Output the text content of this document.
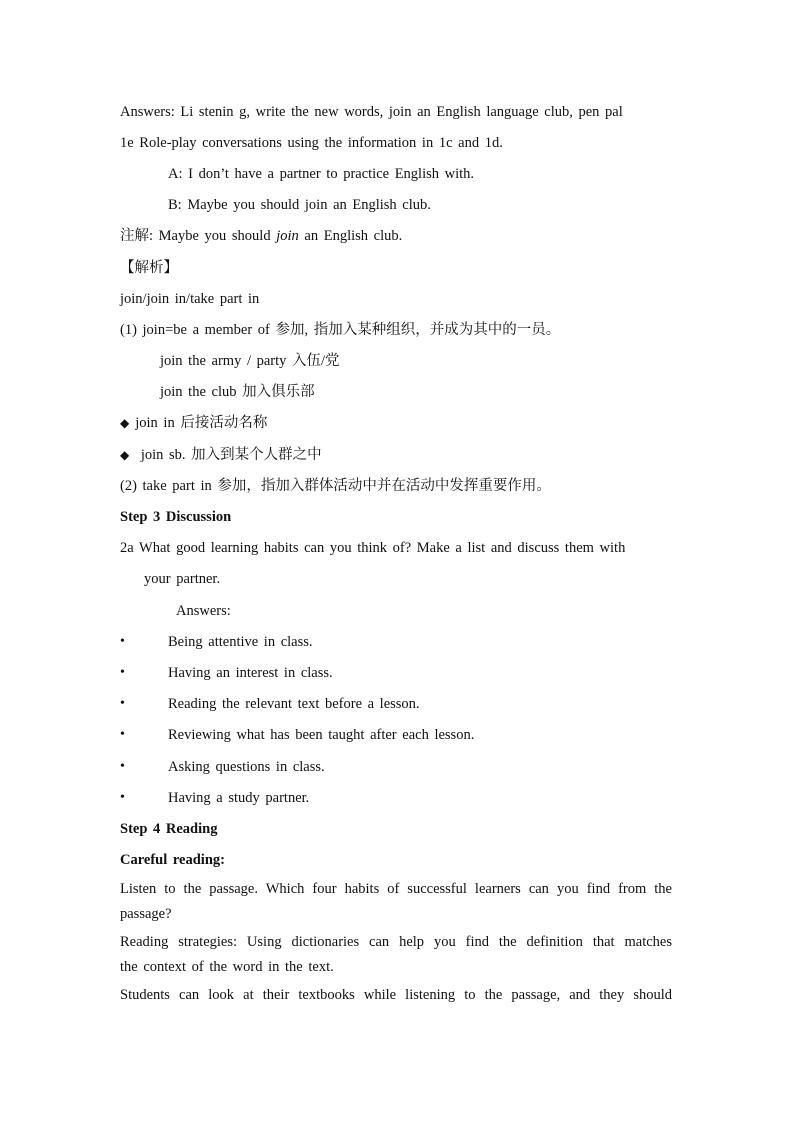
Answers: Li stenin g, write the new words, join an English language club, pen pal
1e Role-play conversations using the information in 1c and 1d.
A: I don’t have a partner to practice English with.
B: Maybe you should join an English club.
注解: Maybe you should join an English club.
【解析】
join/join in/take part in
(1) join=be a member of 参加, 指加入某种组织，并成为其中的一员。
join the army / party 入伍/党
join the club 加入俱乐部
◆ join in 后接活动名称
◆ join sb. 加入到某个人群之中
(2) take part in 参加，指加入群体活动中并在活动中发挥重要作用。
Step 3 Discussion
2a What good learning habits can you think of? Make a list and discuss them with
your partner.
Answers:
•	Being attentive in class.
•	Having an interest in class.
•	Reading the relevant text before a lesson.
•	Reviewing what has been taught after each lesson.
•	Asking questions in class.
•	Having a study partner.
Step 4 Reading
Careful reading:
Listen to the passage. Which four habits of successful learners can you find from the
passage?
Reading strategies: Using dictionaries can help you find the definition that matches
the context of the word in the text.
Students can look at their textbooks while listening to the passage, and they should
